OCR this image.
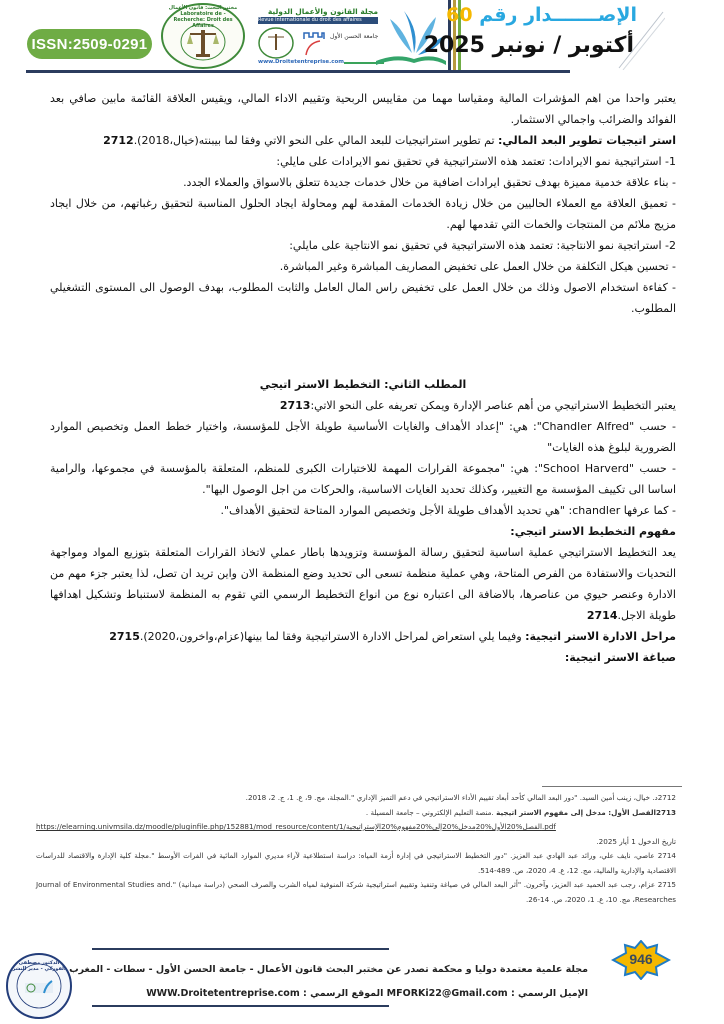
ISSN:2509-0291
مختبر البحث: قانون الأعمال - Laboratoire de Recherche: Droit des Affaires
مجلة القانون والأعمال الدولية
Revue internationale du droit des affaires
جامعة الحسن الأول
www.Droitetentreprise.com
الإصـــــــدار رقم 60
أكتوبر / نونبر 2025

يعتبر واحدا من اهم المؤشرات المالية ومقياسا مهما من مقاييس الربحية وتقييم الاداء المالي، ويقيس العلاقة القائمة مابين صافي بعد الفوائد والضرائب واجمالي الاستثمار.

استر اتيجيات تطوير البعد المالي: تم تطوير استراتيجيات للبعد المالي على النحو الاتي وفقا لما بيبنته(خيال،2018).2712

1- استراتيجية نمو الايرادات: تعتمد هذه الاستراتيجية في تحقيق نمو الايرادات على مايلي:

- بناء علاقة خدمية مميزة بهدف تحقيق ايرادات اضافية من خلال خدمات جديدة تتعلق بالاسواق والعملاء الجدد.

- تعميق العلاقة مع العملاء الحاليين من خلال زيادة الخدمات المقدمة لهم ومحاولة ايجاد الحلول المناسبة لتحقيق رغباتهم، من خلال ايجاد مزيج ملائم من المنتجات والخمات التي تقدمها لهم.

2- استراتجية نمو الانتاجية: تعتمد هذه الاستراتيجية في تحقيق نمو الانتاجية على مايلي:

- تحسين هيكل التكلفة من خلال العمل على تخفيض المصاريف المباشرة وغير المباشرة.

- كفاءة استخدام الاصول وذلك من خلال العمل على تخفيض راس المال العامل والثابت المطلوب، بهدف الوصول الى المستوى التشغيلي المطلوب.

المطلب الثاني: التخطيط الاستر اتيجي

يعتبر التخطيط الاستراتيجي من أهم عناصر الإدارة ويمكن تعريفه على النحو الاتي:2713

- حسب "Chandler Alfred": هي: "إعداد الأهداف والغايات الأساسية طويلة الأجل للمؤسسة، واختيار خطط العمل وتخصيص الموارد الضرورية لبلوغ هذه الغايات"

- حسب "School Harverd": هي: "مجموعة القرارات المهمة للاختيارات الكبرى للمنظم، المتعلقة بالمؤسسة في مجموعها، والرامية اساسا الى تكييف المؤسسة مع التغيير، وكذلك تحديد الغايات الاساسية، والحركات من اجل الوصول اليها".

- كما عرفها chandler: "هي تحديد الأهداف طويلة الأجل وتخصيص الموارد المتاحة لتحقيق الأهداف".

مفهوم التخطيط الاستر اتيجي:

يعد التخطيط الاستراتيجي عملية اساسية لتحقيق رسالة المؤسسة وتزويدها باطار عملي لاتخاذ القرارات المتعلقة بتوزيع المواد ومواجهة التحديات والاستفادة من الفرص المتاحة، وهي عملية منظمة تسعى الى تحديد وضع المنظمة الان واين تريد ان تصل، لذا يعتبر جزء مهم من الادارة وعنصر حيوي من عناصرها، بالاضافة الى اعتباره نوع من انواع التخطيط الرسمي التي تقوم به المنظمة لاستنباط وتشكيل اهدافها طويلة الاجل.2714

مراحل الادارة الاستر اتيجية: وفيما يلي استعراض لمراحل الادارة الاستراتيجية وفقا لما بينها(عزام،واخرون،2020).2715

صياغة الاستر اتيجية:

2712د. خيال، زينب أمين السيد. "دور البعد المالي كأحد أبعاد تقييم الأداء الاستراتيجي في دعم التميز الإداري ".المجلة، مج. 9، ع. 1، ج. 2، 2018.

2713الفصل الأول: مدخل إلى مفهوم الاستر اتيجية .منصة التعليم الإلكتروني – جامعة المسيلة .

https://elearning.univmsila.dz/moodle/pluginfile.php/152881/mod_resource/content/1/الفصل%20الأول%20مدخل%20إلى%20مفهوم%20الإستراتيجية.pdf

تاريخ الدخول 1 أيار 2025.

2714 عاصي، نايف علي، ورائد عبد الهادي عبد العزيز. "دور التخطيط الاستراتيجي في إدارة أزمة المياه: دراسة استطلاعية لآراء مديري الموارد المائية في الفرات الأوسط ".مجلة كلية الإدارة والاقتصاد للدراسات الاقتصادية والإدارية والمالية، مج. 12، ع. 4، 2020، ص. 489-514.

2715 عزام، رجب عبد الحميد عبد العزيز، وآخرون. "أثر البعد المالي في صياغة وتنفيذ وتقييم استراتيجية شركة المنوفية لمياه الشرب والصرف الصحي (دراسة ميدانية) ".Journal of Environmental Studies and Researches، مج. 10، ع. 1، 2020، ص. 14-26.

946
مجلة علمية معتمدة دوليا و محكمة تصدر عن مختبر البحث قانون الأعمال - جامعة الحسن الأول - سطات - المغرب
الإميل الرسمي : MFORKi22@Gmail.com الموقع الرسمي : WWW.Droitetentreprise.com
الدكتور مصطفى الفوركي - مدير النشر
